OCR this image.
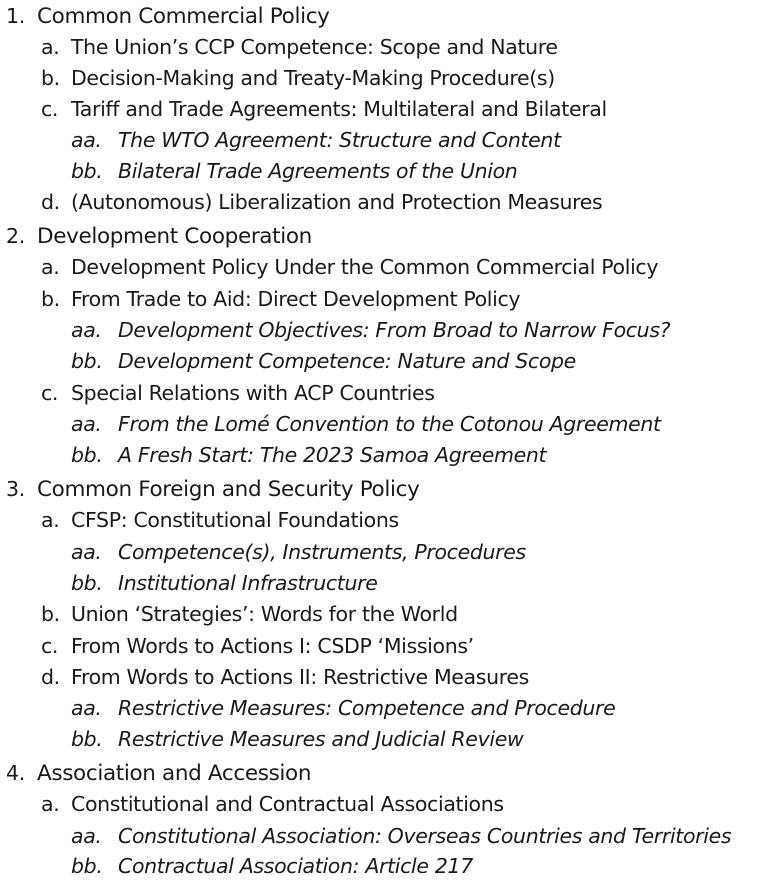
1. Common Commercial Policy
a. The Union’s CCP Competence: Scope and Nature
b. Decision-Making and Treaty-Making Procedure(s)
c. Tariff and Trade Agreements: Multilateral and Bilateral
aa. The WTO Agreement: Structure and Content
bb. Bilateral Trade Agreements of the Union
d. (Autonomous) Liberalization and Protection Measures
2. Development Cooperation
a. Development Policy Under the Common Commercial Policy
b. From Trade to Aid: Direct Development Policy
aa. Development Objectives: From Broad to Narrow Focus?
bb. Development Competence: Nature and Scope
c. Special Relations with ACP Countries
aa. From the Lomé Convention to the Cotonou Agreement
bb. A Fresh Start: The 2023 Samoa Agreement
3. Common Foreign and Security Policy
a. CFSP: Constitutional Foundations
aa. Competence(s), Instruments, Procedures
bb. Institutional Infrastructure
b. Union ‘Strategies’: Words for the World
c. From Words to Actions I: CSDP ‘Missions’
d. From Words to Actions II: Restrictive Measures
aa. Restrictive Measures: Competence and Procedure
bb. Restrictive Measures and Judicial Review
4. Association and Accession
a. Constitutional and Contractual Associations
aa. Constitutional Association: Overseas Countries and Territories
bb. Contractual Association: Article 217
